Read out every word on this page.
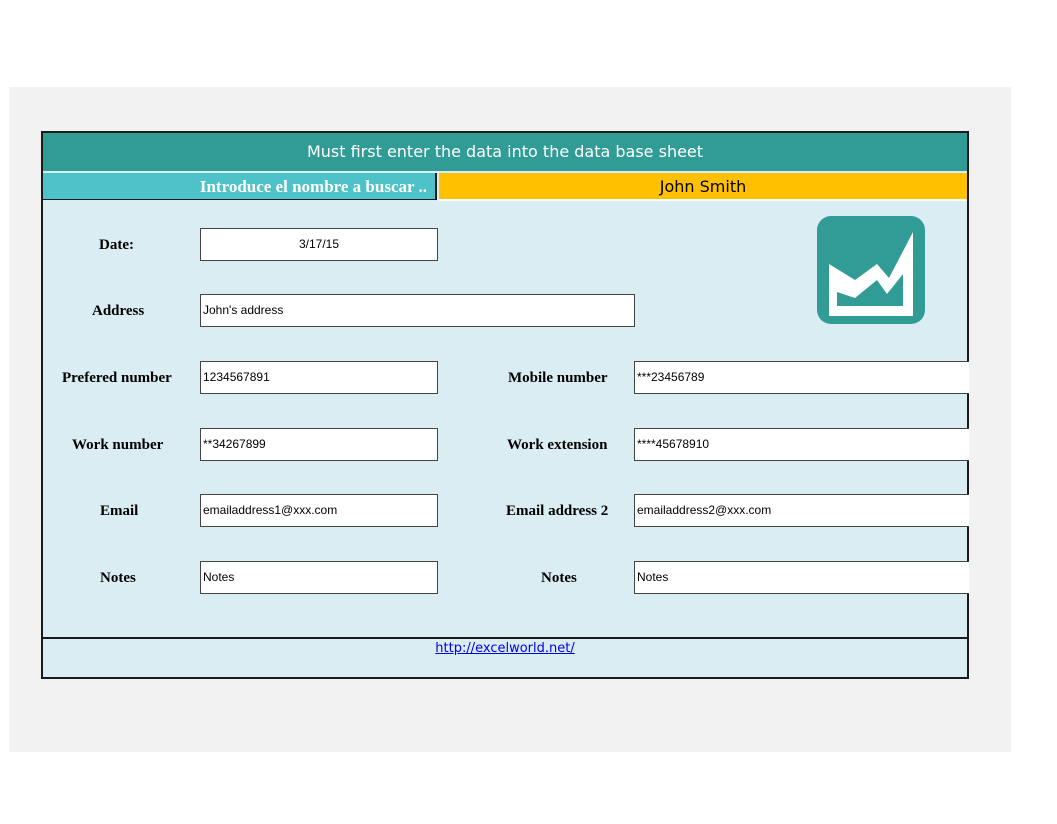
Must first enter the data into the data base sheet
Introduce el nombre a buscar ..	John Smith
Date:	3/17/15
Address	John's address
Prefered number	1234567891	Mobile number ***23456789
Work number	**34267899	Work extension ****45678910
Email	emailaddress1@xxx.com	Email address 2 emailaddress2@xxx.com
Notes	Notes	Notes	Notes
http://excelworld.net/
